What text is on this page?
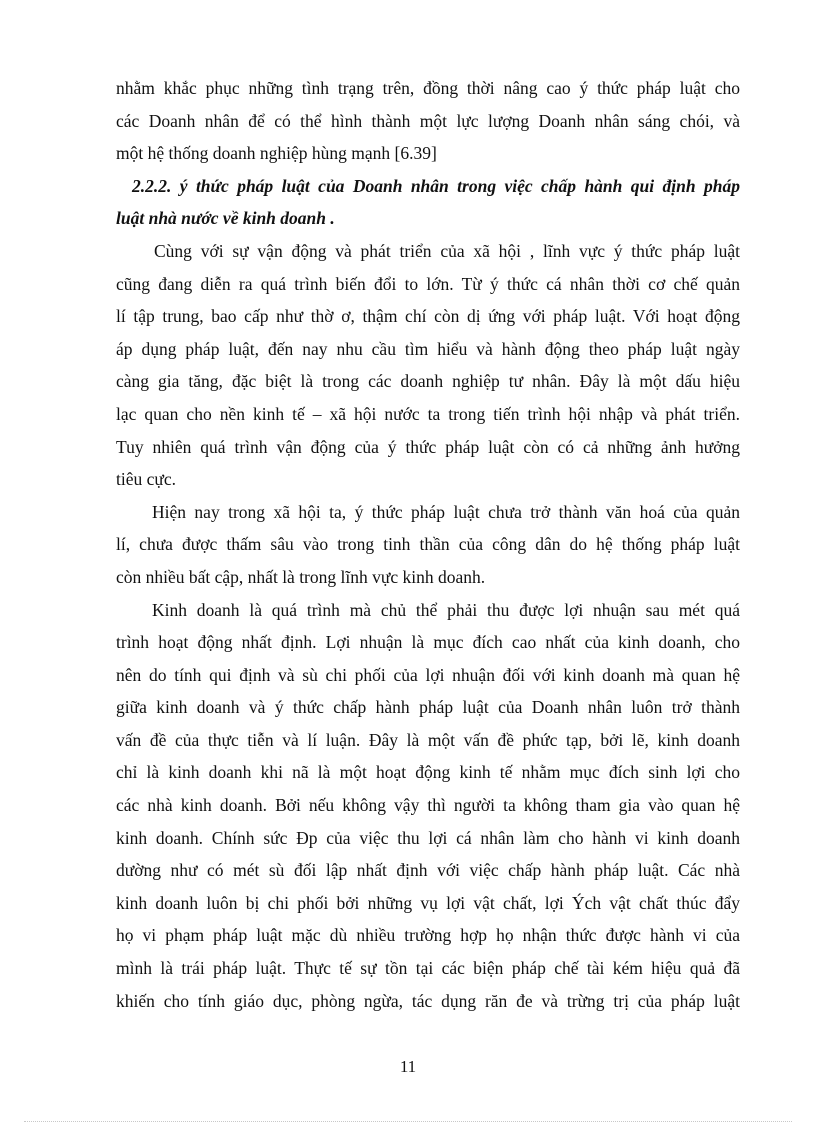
nhằm khắc phục những tình trạng trên, đồng thời nâng cao ý thức pháp luật cho
các Doanh nhân để có thể hình thành một lực lượng Doanh nhân sáng chói, và
một hệ thống doanh nghiệp hùng mạnh [6.39]
2.2.2. ý thức pháp luật của Doanh nhân trong việc chấp hành qui định pháp
luật nhà nước về kinh doanh .
Cùng với sự vận động và phát triển của xã hội , lĩnh vực ý thức pháp luật
cũng đang diễn ra quá trình biến đổi to lớn. Từ ý thức cá nhân thời cơ chế quản
lí tập trung, bao cấp như thờ ơ, thậm chí còn dị ứng với pháp luật. Với hoạt động
áp dụng pháp luật, đến nay nhu cầu tìm hiểu và hành động theo pháp luật ngày
càng gia tăng, đặc biệt là trong các doanh nghiệp tư nhân. Đây là một dấu hiệu
lạc quan cho nền kinh tế – xã hội nước ta trong tiến trình hội nhập và phát triển.
Tuy nhiên quá trình vận động của ý thức pháp luật còn có cả những ảnh hưởng
tiêu cực.
Hiện nay trong xã hội ta, ý thức pháp luật chưa trở thành văn hoá của quản
lí, chưa được thấm sâu vào trong tinh thần của công dân do hệ thống pháp luật
còn nhiều bất cập, nhất là trong lĩnh vực kinh doanh.
Kinh doanh là quá trình mà chủ thể phải thu được lợi nhuận sau mét quá
trình hoạt động nhất định. Lợi nhuận là mục đích cao nhất của kinh doanh, cho
nên do tính qui định và sù chi phối của lợi nhuận đối với kinh doanh mà quan hệ
giữa kinh doanh và ý thức chấp hành pháp luật của Doanh nhân luôn trở thành
vấn đề của thực tiễn và lí luận. Đây là một vấn đề phức tạp, bởi lẽ, kinh doanh
chỉ là kinh doanh khi nã là một hoạt động kinh tế nhằm mục đích sinh lợi cho
các nhà kinh doanh. Bởi nếu không vậy thì người ta không tham gia vào quan hệ
kinh doanh. Chính sức Ðp của việc thu lợi cá nhân làm cho hành vi kinh doanh
dường như có mét sù đối lập nhất định với việc chấp hành pháp luật. Các nhà
kinh doanh luôn bị chi phối bởi những vụ lợi vật chất, lợi Ých vật chất thúc đẩy
họ vi phạm pháp luật mặc dù nhiều trường hợp họ nhận thức được hành vi của
mình là trái pháp luật. Thực tế sự tồn tại các biện pháp chế tài kém hiệu quả đã
khiến cho tính giáo dục, phòng ngừa, tác dụng răn đe và trừng trị của pháp luật
11
